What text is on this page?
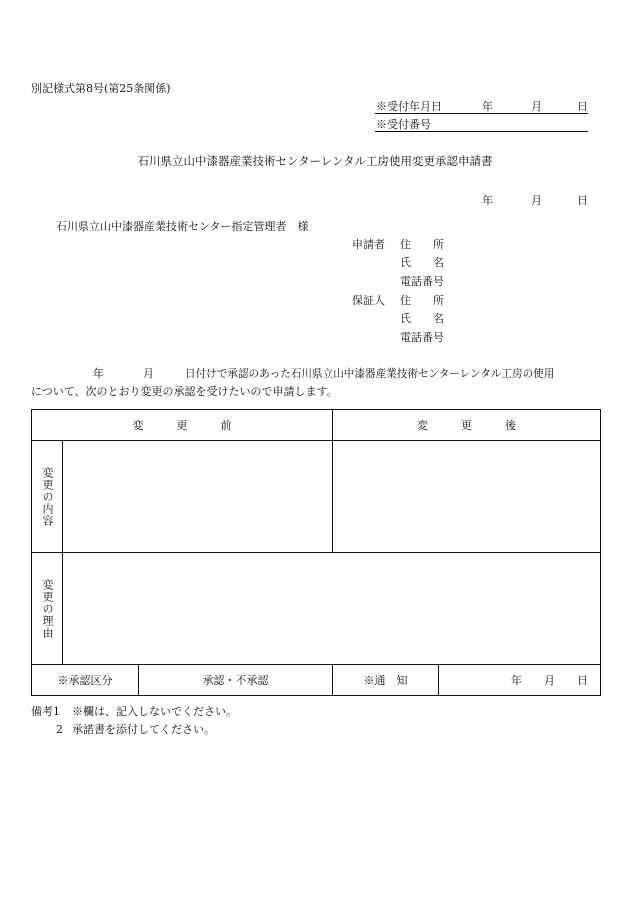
別記様式第8号(第25条関係)
※受付年月日	年	月	日
※受付番号
石川県立山中漆器産業技術センターレンタル工房使用変更承認申請書
年	月	日
石川県立山中漆器産業技術センター指定管理者　様
申請者 住　　所
氏　　名
電話番号
保証人 住　　所
氏　　名
電話番号
年	月	日付けで承認のあった石川県立山中漆器産業技術センターレンタル工房の使用
について、次のとおり変更の承認を受けたいので申請します。
変　　　更　　　前			変　　　更　　　後	

変更の内容				

変更の理由				

※承認区分		承認・不承認	※通　知	年　　月　　日
備考1 ※欄は、記入しないでください。
2 承諾書を添付してください。
